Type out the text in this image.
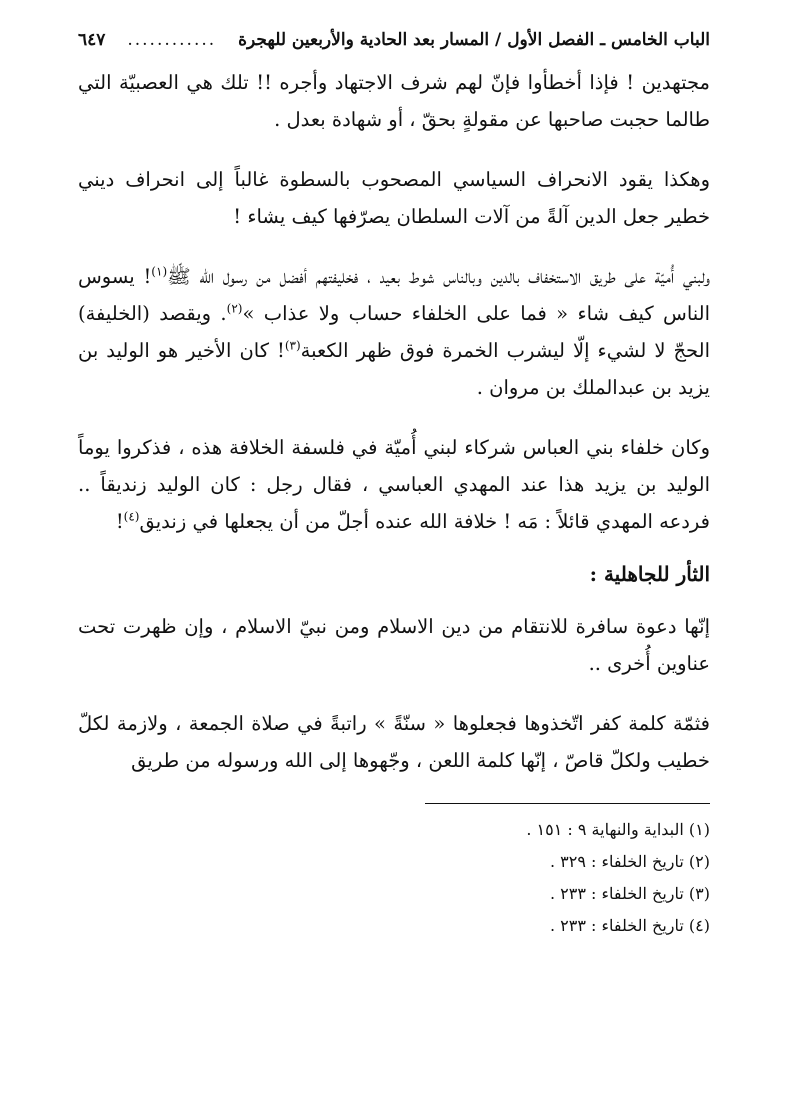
الباب الخامس ـ الفصل الأول / المسار بعد الحادية والأربعين للهجرة
............
٦٤٧

مجتهدين ! فإذا أخطأوا فإنّ لهم شرف الاجتهاد وأجره !! تلك هي العصبيّة التي طالما حجبت صاحبها عن مقولةٍ بحقّ ، أو شهادة بعدل .

وهكذا يقود الانحراف السياسي المصحوب بالسطوة غالباً إلى انحراف ديني خطير جعل الدين آلةً من آلات السلطان يصرّفها كيف يشاء !

ولبني أُميّة على طريق الاستخفاف بالدين وبالناس شوط بعيد ، فخليفتهم أفضل من رسول الله ﷺ$^{(١)}$! يسوس الناس كيف شاء « فما على الخلفاء حساب ولا عذاب »$^{(٢)}$. ويقصد (الخليفة) الحجّ لا لشيء إلّا ليشرب الخمرة فوق ظهر الكعبة$^{(٣)}$! كان الأخير هو الوليد بن يزيد بن عبدالملك بن مروان .

وكان خلفاء بني العباس شركاء لبني أُميّة في فلسفة الخلافة هذه ، فذكروا يوماً الوليد بن يزيد هذا عند المهدي العباسي ، فقال رجل : كان الوليد زنديقاً .. فردعه المهدي قائلاً : مَه ! خلافة الله عنده أجلّ من أن يجعلها في زنديق$^{(٤)}$!

الثأر للجاهلية :

إنّها دعوة سافرة للانتقام من دين الاسلام ومن نبيّ الاسلام ، وإن ظهرت تحت عناوين أُخرى ..

فثمّة كلمة كفر اتّخذوها فجعلوها « سنّةً » راتبةً في صلاة الجمعة ، ولازمة لكلّ خطيب ولكلّ قاصّ ، إنّها كلمة اللعن ، وجّهوها إلى الله ورسوله من طريق

(١) البداية والنهاية ٩ : ١٥١ .
(٢) تاريخ الخلفاء : ٣٢٩ .
(٣) تاريخ الخلفاء : ٢٣٣ .
(٤) تاريخ الخلفاء : ٢٣٣ .
